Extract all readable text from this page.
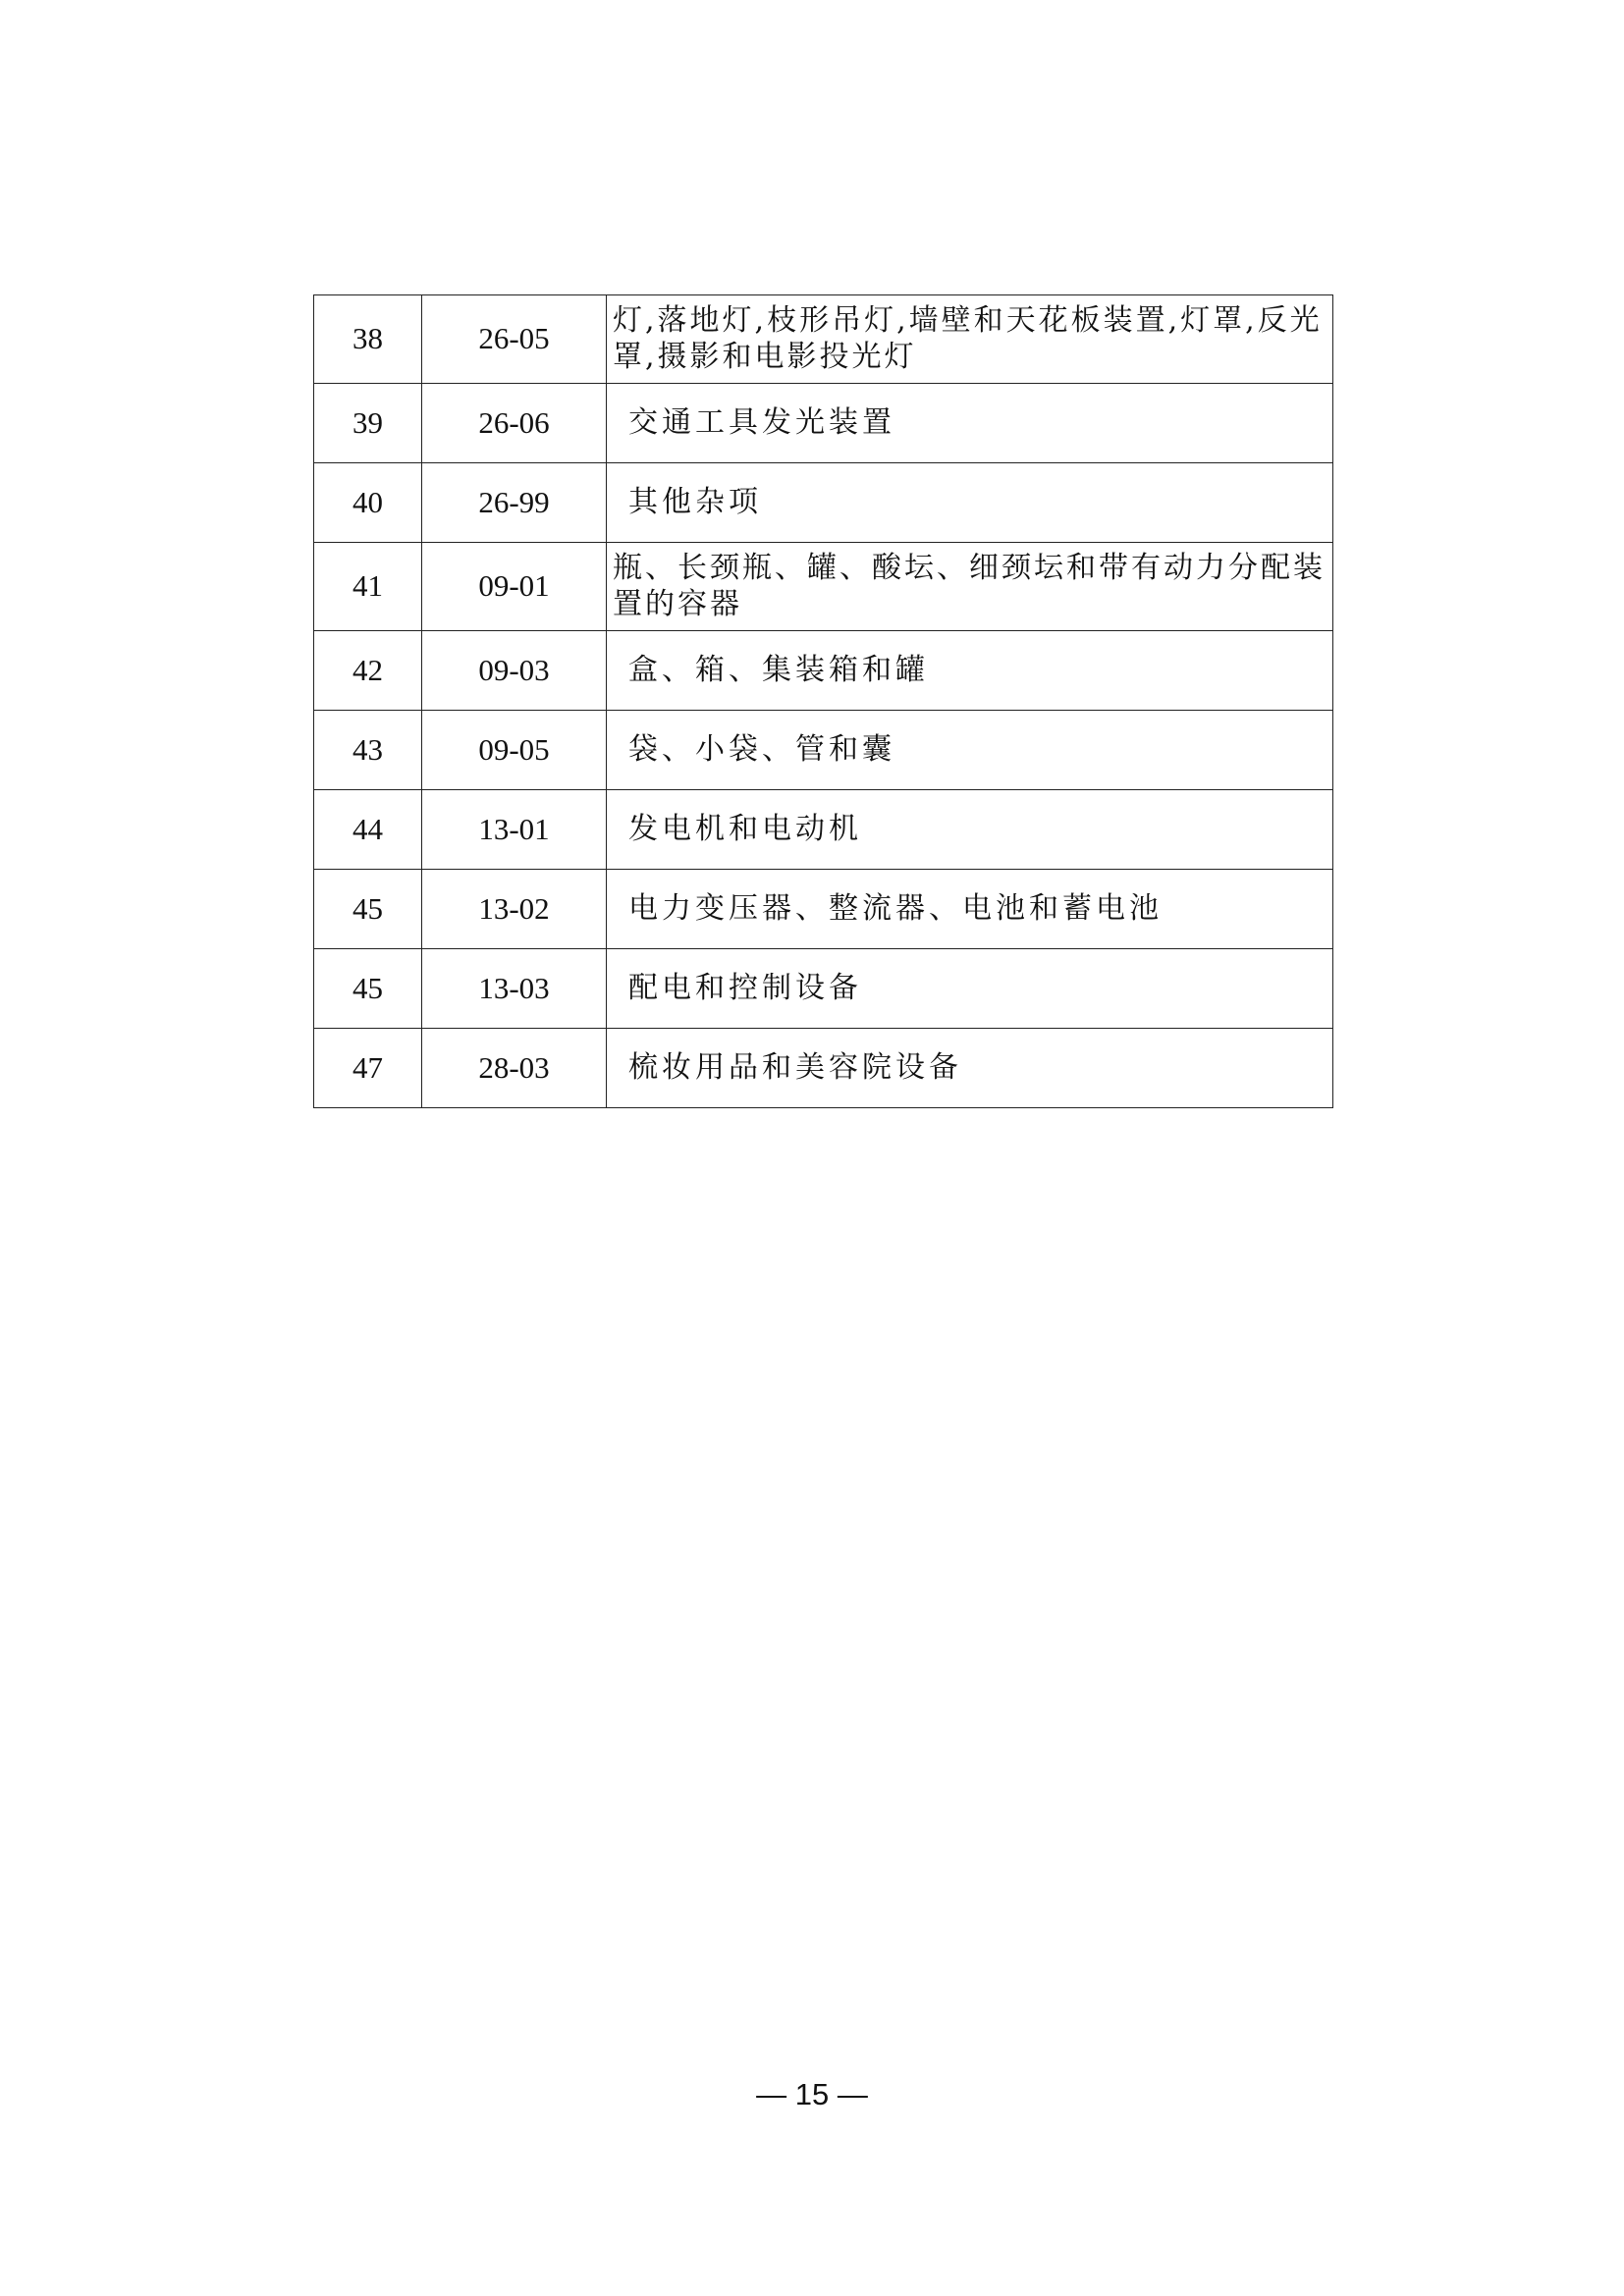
38	26-05	灯,落地灯,枝形吊灯,墙壁和天花板装置,灯罩,反光罩,摄影和电影投光灯
39	26-06	交通工具发光装置
40	26-99	其他杂项
41	09-01	瓶、长颈瓶、罐、酸坛、细颈坛和带有动力分配装置的容器
42	09-03	盒、箱、集装箱和罐
43	09-05	袋、小袋、管和囊
44	13-01	发电机和电动机
45	13-02	电力变压器、整流器、电池和蓄电池
45	13-03	配电和控制设备
47	28-03	梳妆用品和美容院设备
— 15 —
